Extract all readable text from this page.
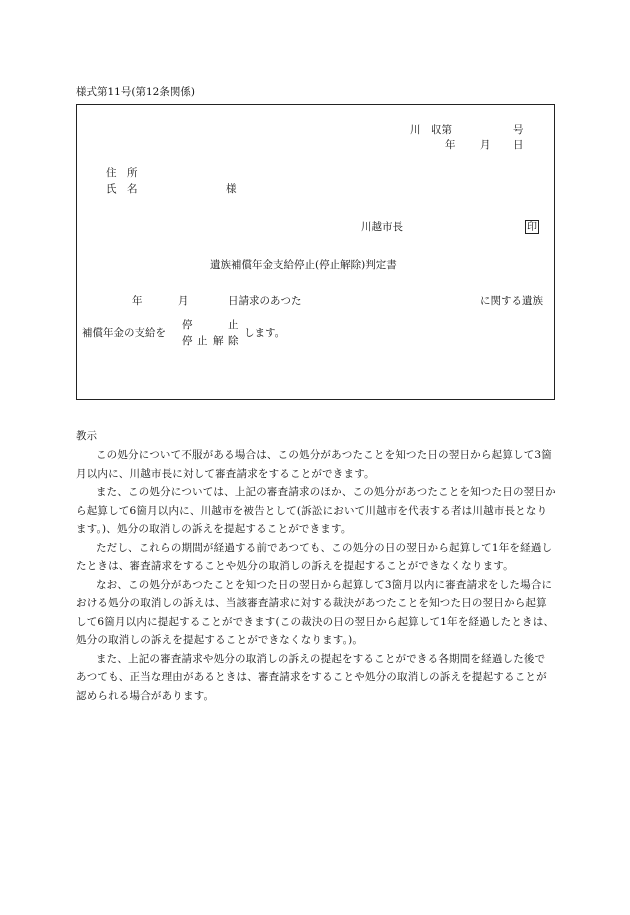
様式第11号(第12条関係)
川　収第	号
年 月 日
住　所
氏　名	様
川越市長	印
遺族補償年金支給停止(停止解除)判定書
年	月	日請求のあつた	に関する遺族
補償年金の支給を
停	止
停 止 解 除
します。
教示

この処分について不服がある場合は、この処分があつたことを知つた日の翌日から起算して3箇月以内に、川越市長に対して審査請求をすることができます。

また、この処分については、上記の審査請求のほか、この処分があつたことを知つた日の翌日から起算して6箇月以内に、川越市を被告として(訴訟において川越市を代表する者は川越市長となります。)、処分の取消しの訴えを提起することができます。

ただし、これらの期間が経過する前であつても、この処分の日の翌日から起算して1年を経過したときは、審査請求をすることや処分の取消しの訴えを提起することができなくなります。

なお、この処分があつたことを知つた日の翌日から起算して3箇月以内に審査請求をした場合における処分の取消しの訴えは、当該審査請求に対する裁決があつたことを知つた日の翌日から起算して6箇月以内に提起することができます(この裁決の日の翌日から起算して1年を経過したときは、処分の取消しの訴えを提起することができなくなります。)。

また、上記の審査請求や処分の取消しの訴えの提起をすることができる各期間を経過した後であつても、正当な理由があるときは、審査請求をすることや処分の取消しの訴えを提起することが認められる場合があります。
